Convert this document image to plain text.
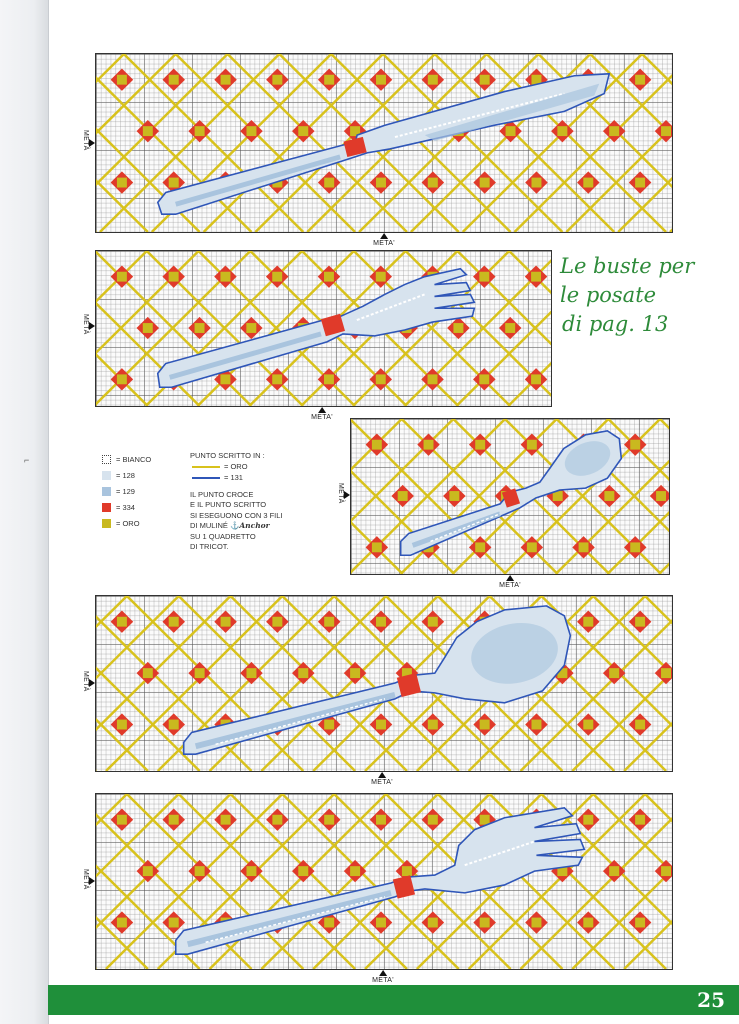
⌐
METÀ
META'
METÀ
META'
Le buste per
le posate
di pag. 13
= BIANCO
= 128
= 129
= 334
= ORO
PUNTO SCRITTO IN :
= ORO
= 131
IL PUNTO CROCE
E IL PUNTO SCRITTO
SI ESEGUONO CON 3 FILI
DI MULINÉ ⚓Anchor
SU 1 QUADRETTO
DI TRICOT.
METÀ
META'
METÀ
META'
METÀ
META'
25
